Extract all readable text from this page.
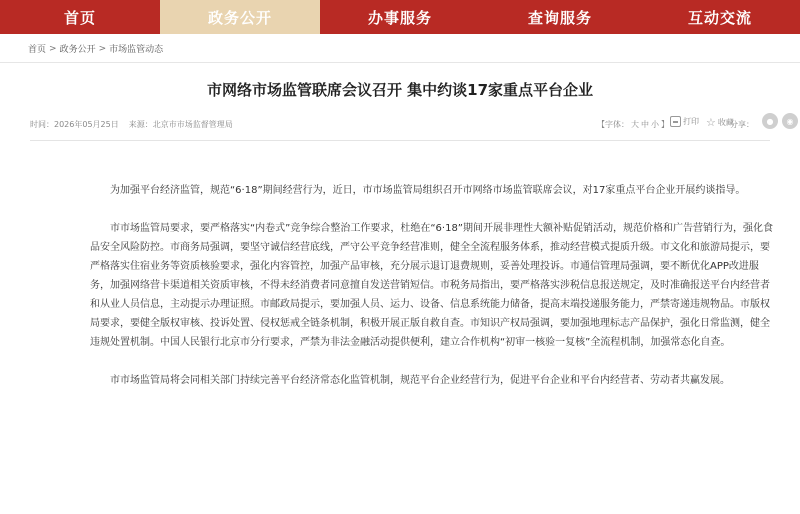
首页	政务公开	办事服务	查询服务	互动交流
首页 > 政务公开 > 市场监管动态
市网络市场监管联席会议召开 集中约谈17家重点平台企业
时间：2026年05月25日 来源：北京市市场监督管理局	【字体： 大 中 小 】 打印 ☆ 收藏
分享：	●	◉

为加强平台经济监管，规范“6·18”期间经营行为，近日，市市场监管局组织召开市网络市场监管联席会议，对17家重点平台企业开展约谈指导。

市市场监管局要求，要严格落实“内卷式”竞争综合整治工作要求，杜绝在“6·18”期间开展非理性大额补贴促销活动，规范价格和广告营销行为，强化食品安全风险防控。市商务局强调，要坚守诚信经营底线，严守公平竞争经营准则，健全全流程服务体系，推动经营模式提质升级。市文化和旅游局提示，要严格落实住宿业务等资质核验要求，强化内容管控，加强产品审核，充分展示退订退费规则，妥善处理投诉。市通信管理局强调，要不断优化APP改进服务，加强网络营卡渠道相关资质审核，不得未经消费者同意擅自发送营销短信。市税务局指出，要严格落实涉税信息报送规定，及时准确报送平台内经营者和从业人员信息，主动提示办理证照。市邮政局提示，要加强人员、运力、设备、信息系统能力储备，提高末端投递服务能力，严禁寄递违规物品。市版权局要求，要健全版权审核、投诉处置、侵权惩戒全链条机制，积极开展正版自救自查。市知识产权局强调，要加强地理标志产品保护，强化日常监测，健全违规处置机制。中国人民银行北京市分行要求，严禁为非法金融活动提供便利，建立合作机构“初审一核验一复核”全流程机制，加强常态化自查。

市市场监管局将会同相关部门持续完善平台经济常态化监管机制，规范平台企业经营行为，促进平台企业和平台内经营者、劳动者共赢发展。
